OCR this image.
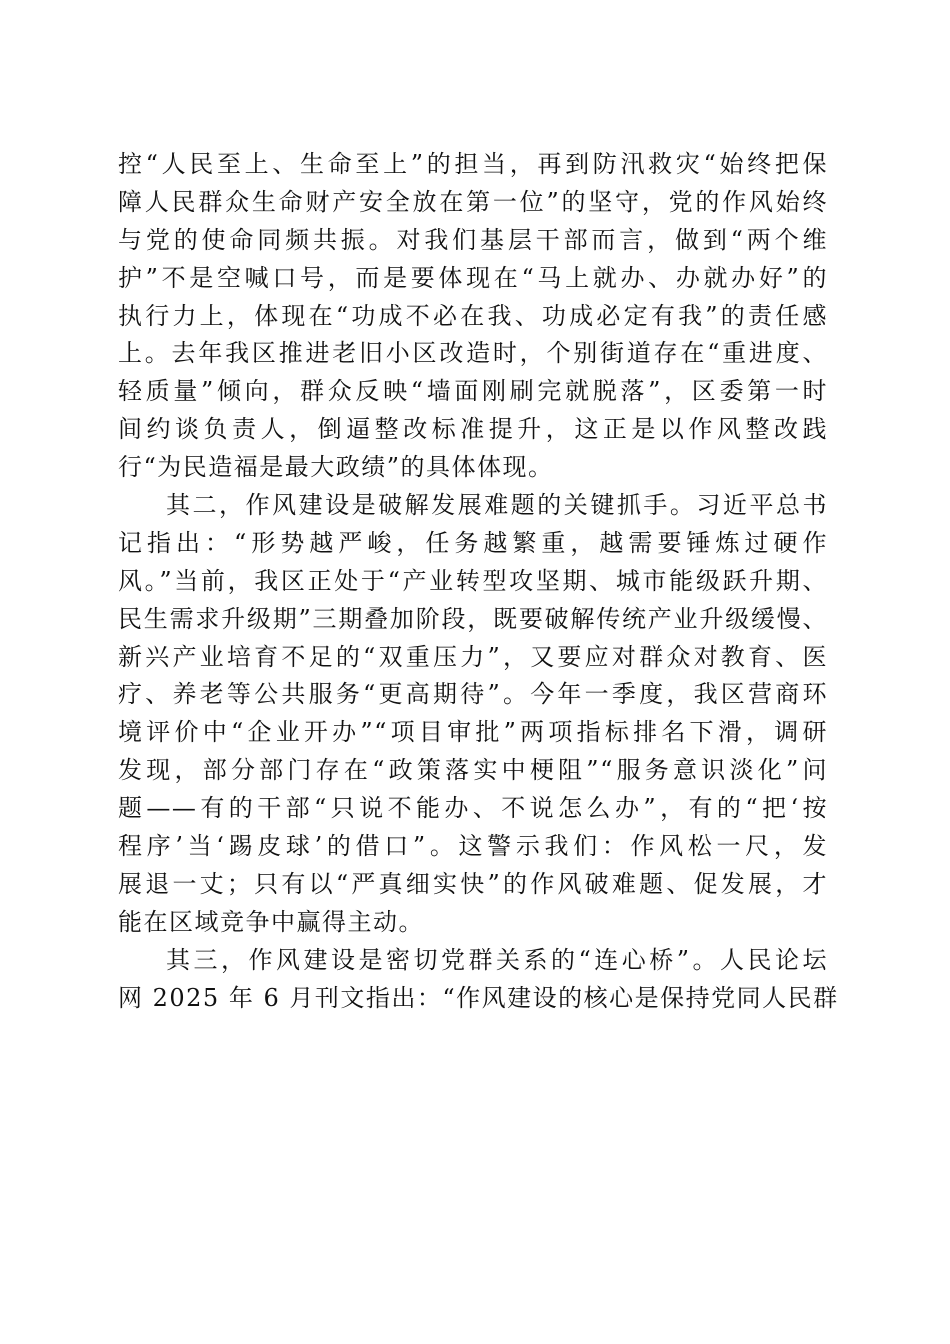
控“人民至上、生命至上”的担当，再到防汛救灾“始终把保
障人民群众生命财产安全放在第一位”的坚守，党的作风始终
与党的使命同频共振。对我们基层干部而言，做到“两个维
护”不是空喊口号，而是要体现在“马上就办、办就办好”的
执行力上，体现在“功成不必在我、功成必定有我”的责任感
上。去年我区推进老旧小区改造时，个别街道存在“重进度、
轻质量”倾向，群众反映“墙面刚刷完就脱落”，区委第一时
间约谈负责人，倒逼整改标准提升，这正是以作风整改践
行“为民造福是最大政绩”的具体体现。
其二，作风建设是破解发展难题的关键抓手。习近平总书
记指出：“形势越严峻，任务越繁重，越需要锤炼过硬作
风。”当前，我区正处于“产业转型攻坚期、城市能级跃升期、
民生需求升级期”三期叠加阶段，既要破解传统产业升级缓慢、
新兴产业培育不足的“双重压力”，又要应对群众对教育、医
疗、养老等公共服务“更高期待”。今年一季度，我区营商环
境评价中“企业开办”“项目审批”两项指标排名下滑，调研
发现，部分部门存在“政策落实中梗阻”“服务意识淡化”问
题——有的干部“只说不能办、不说怎么办”，有的“把‘按
程序’当‘踢皮球’的借口”。这警示我们：作风松一尺，发
展退一丈；只有以“严真细实快”的作风破难题、促发展，才
能在区域竞争中赢得主动。
其三，作风建设是密切党群关系的“连心桥”。人民论坛
网 2025 年 6 月刊文指出：“作风建设的核心是保持党同人民群
